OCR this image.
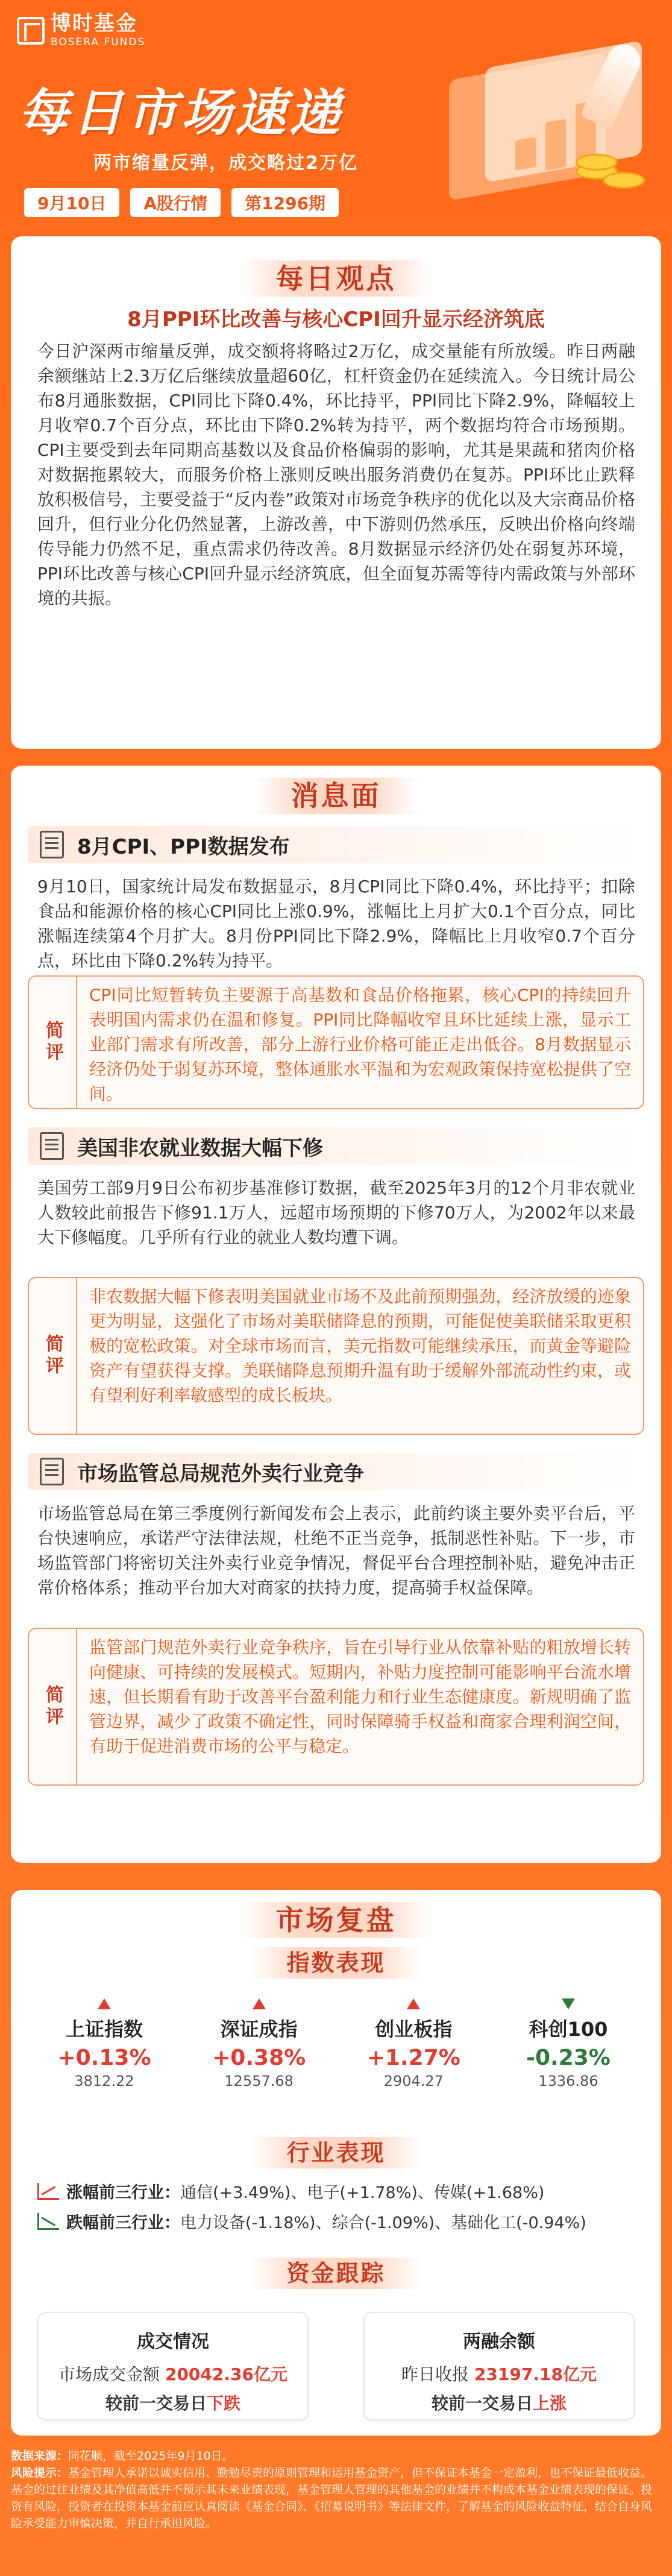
博时基金
BOSERA FUNDS
每日市场速递
两市缩量反弹，成交略过2万亿
9月10日	A股行情	第1296期
每日观点
8月PPI环比改善与核心CPI回升显示经济筑底
今日沪深两市缩量反弹，成交额将将略过2万亿，成交量能有所放缓。昨日两融余额继站上2.3万亿后继续放量超60亿，杠杆资金仍在延续流入。今日统计局公布8月通胀数据，CPI同比下降0.4%，环比持平，PPI同比下降2.9%，降幅较上月收窄0.7个百分点，环比由下降0.2%转为持平，两个数据均符合市场预期。CPI主要受到去年同期高基数以及食品价格偏弱的影响，尤其是果蔬和猪肉价格对数据拖累较大，而服务价格上涨则反映出服务消费仍在复苏。PPI环比止跌释放积极信号，主要受益于“反内卷”政策对市场竞争秩序的优化以及大宗商品价格回升，但行业分化仍然显著，上游改善，中下游则仍然承压，反映出价格向终端传导能力仍然不足，重点需求仍待改善。8月数据显示经济仍处在弱复苏环境，PPI环比改善与核心CPI回升显示经济筑底，但全面复苏需等待内需政策与外部环境的共振。
消息面
8月CPI、PPI数据发布
9月10日，国家统计局发布数据显示，8月CPI同比下降0.4%，环比持平；扣除食品和能源价格的核心CPI同比上涨0.9%，涨幅比上月扩大0.1个百分点，同比涨幅连续第4个月扩大。8月份PPI同比下降2.9%，降幅比上月收窄0.7个百分点，环比由下降0.2%转为持平。
简评
CPI同比短暂转负主要源于高基数和食品价格拖累，核心CPI的持续回升表明国内需求仍在温和修复。PPI同比降幅收窄且环比延续上涨，显示工业部门需求有所改善，部分上游行业价格可能正走出低谷。8月数据显示经济仍处于弱复苏环境，整体通胀水平温和为宏观政策保持宽松提供了空间。
美国非农就业数据大幅下修
美国劳工部9月9日公布初步基准修订数据，截至2025年3月的12个月非农就业人数较此前报告下修91.1万人，远超市场预期的下修70万人，为2002年以来最大下修幅度。几乎所有行业的就业人数均遭下调。
简评
非农数据大幅下修表明美国就业市场不及此前预期强劲，经济放缓的迹象更为明显，这强化了市场对美联储降息的预期，可能促使美联储采取更积极的宽松政策。对全球市场而言，美元指数可能继续承压，而黄金等避险资产有望获得支撑。美联储降息预期升温有助于缓解外部流动性约束，或有望利好利率敏感型的成长板块。
市场监管总局规范外卖行业竞争
市场监管总局在第三季度例行新闻发布会上表示，此前约谈主要外卖平台后，平台快速响应，承诺严守法律法规，杜绝不正当竞争，抵制恶性补贴。下一步，市场监管部门将密切关注外卖行业竞争情况，督促平台合理控制补贴，避免冲击正常价格体系；推动平台加大对商家的扶持力度，提高骑手权益保障。
简评
监管部门规范外卖行业竞争秩序，旨在引导行业从依靠补贴的粗放增长转向健康、可持续的发展模式。短期内，补贴力度控制可能影响平台流水增速，但长期看有助于改善平台盈利能力和行业生态健康度。新规明确了监管边界，减少了政策不确定性，同时保障骑手权益和商家合理利润空间，有助于促进消费市场的公平与稳定。
市场复盘
指数表现
上证指数
+0.13%
3812.22
深证成指
+0.38%
12557.68
创业板指
+1.27%
2904.27
科创100
-0.23%
1336.86
行业表现
涨幅前三行业： 通信(+3.49%)、电子(+1.78%)、传媒(+1.68%)
跌幅前三行业： 电力设备(-1.18%)、综合(-1.09%)、基础化工(-0.94%)
资金跟踪
成交情况
市场成交金额 20042.36亿元
较前一交易日下跌
两融余额
昨日收报 23197.18亿元
较前一交易日上涨
数据来源：同花顺，截至2025年9月10日。
风险提示：基金管理人承诺以诚实信用、勤勉尽责的原则管理和运用基金资产，但不保证本基金一定盈利，也不保证最低收益。基金的过往业绩及其净值高低并不预示其未来业绩表现，基金管理人管理的其他基金的业绩并不构成本基金业绩表现的保证。投资有风险，投资者在投资本基金前应认真阅读《基金合同》、《招募说明书》等法律文件，了解基金的风险收益特征，结合自身风险承受能力审慎决策，并自行承担风险。
